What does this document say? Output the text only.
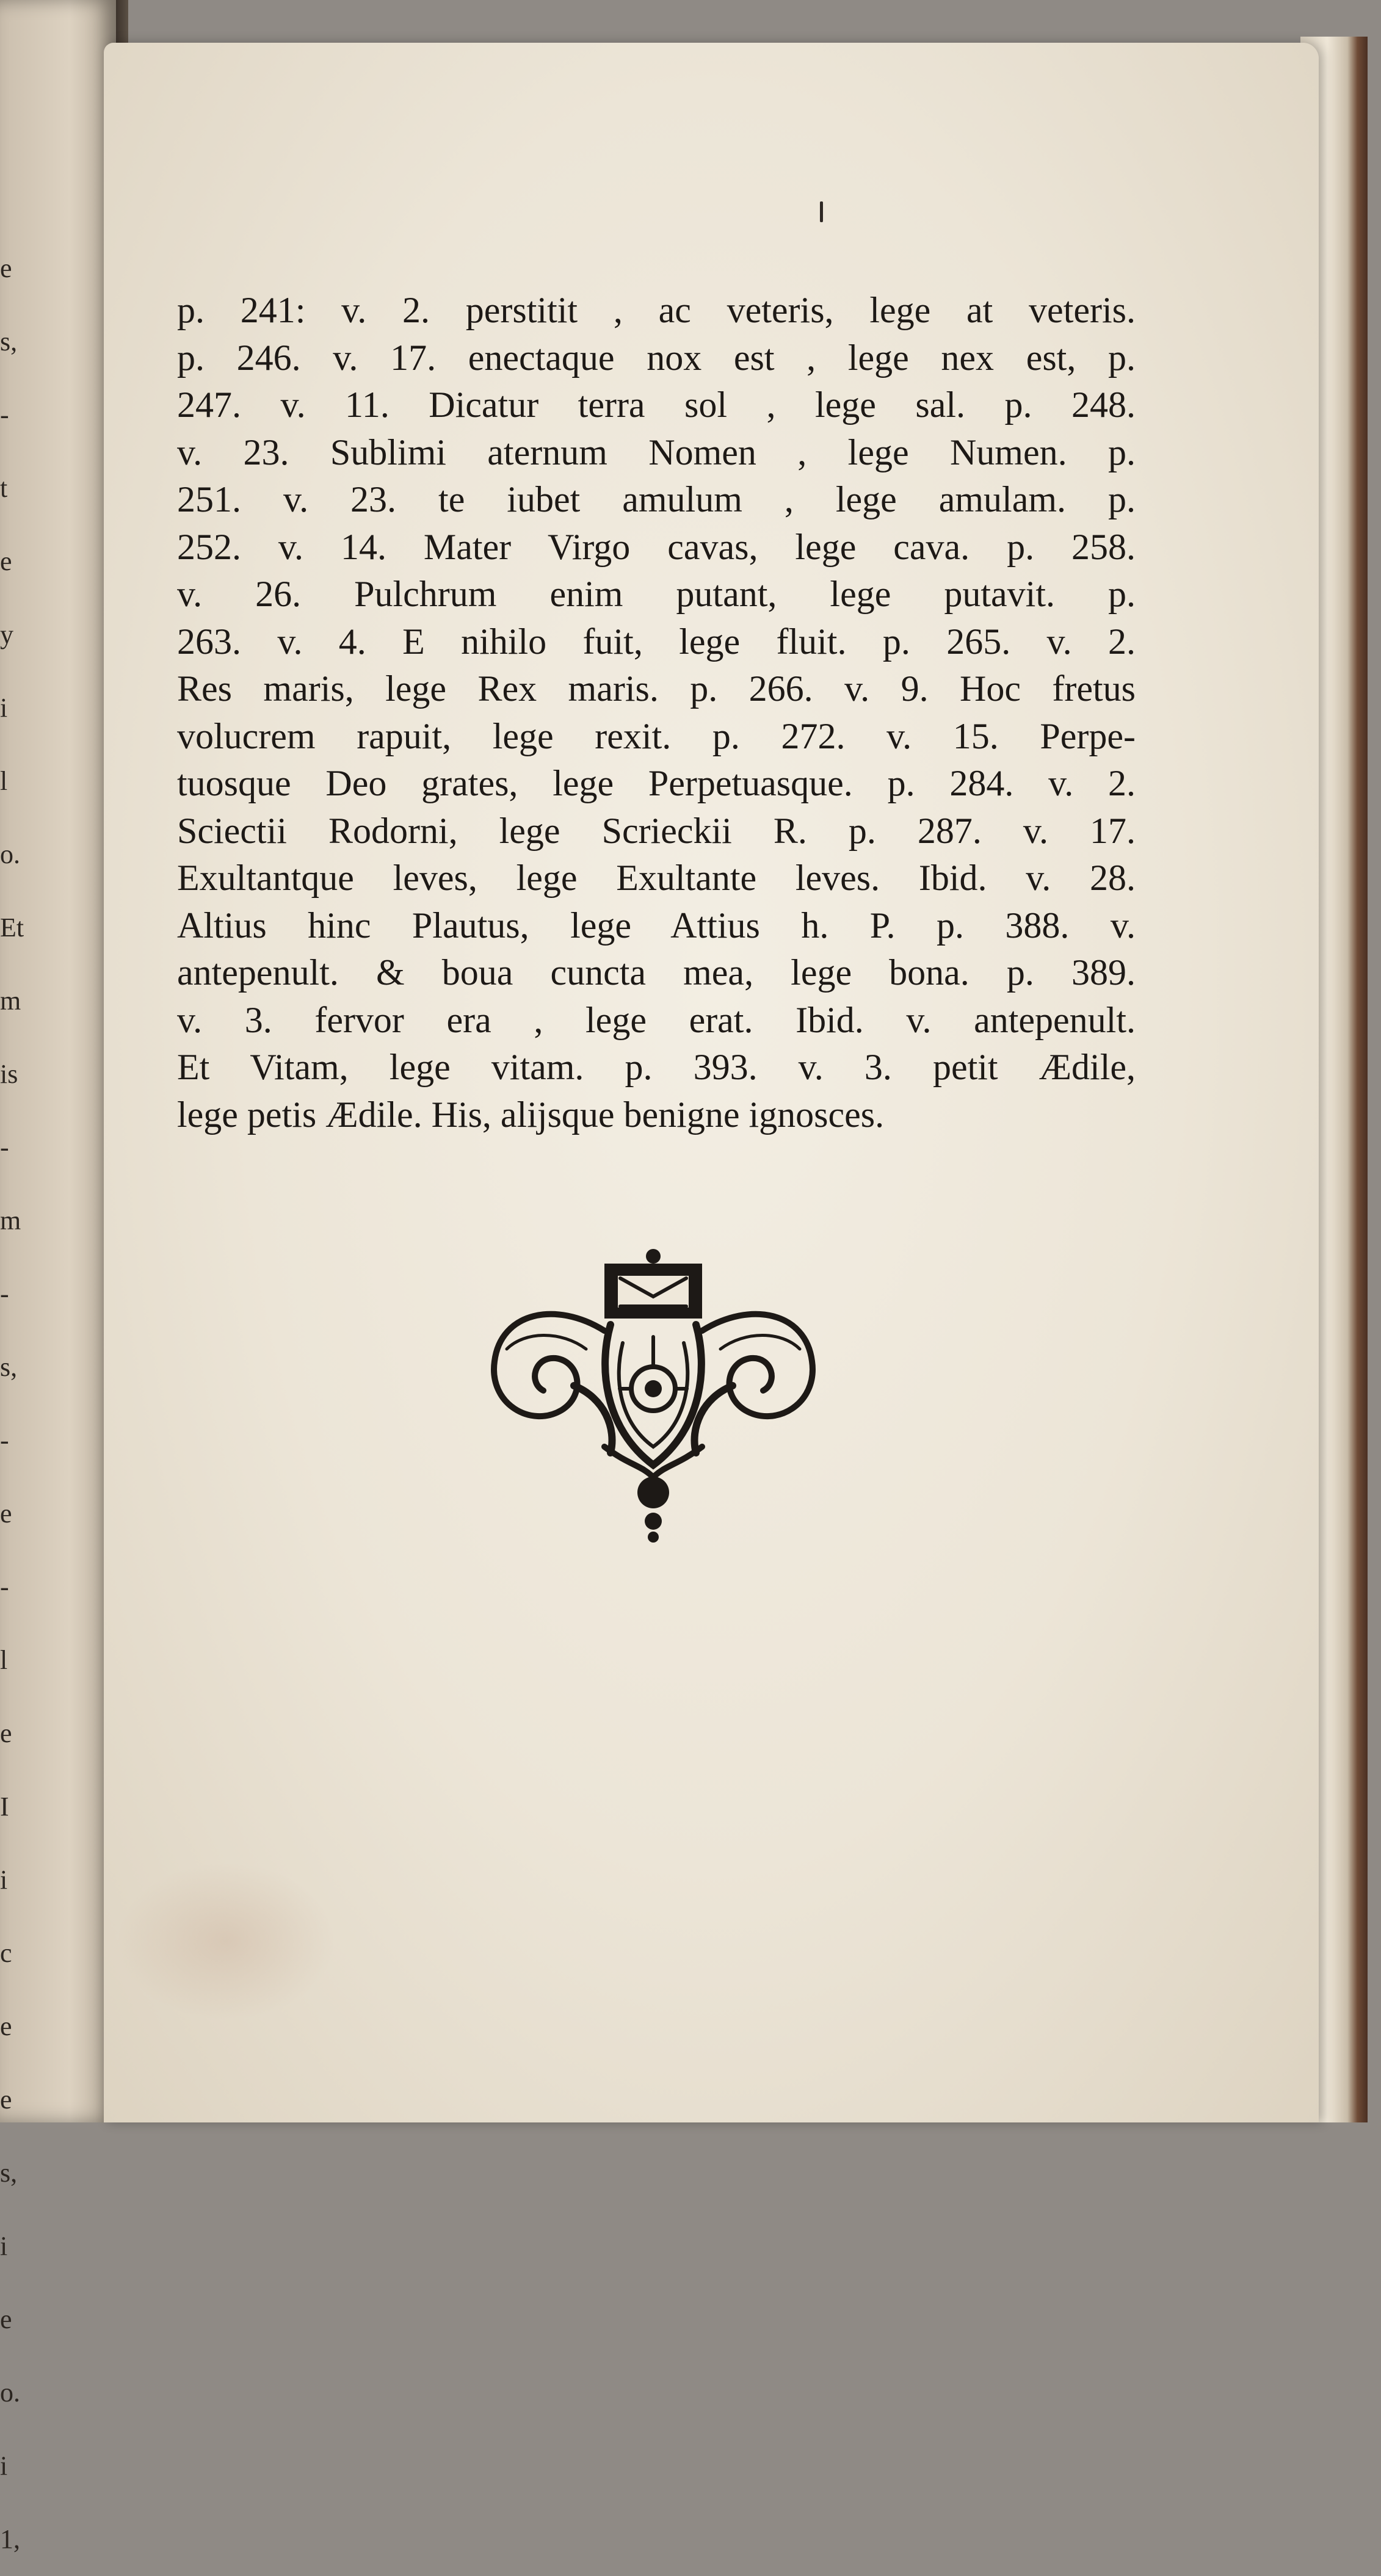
e
s,
-
t
e
y
i
l
o.
Et
m
is
-
m
-
s,
-
e
-
l
e
I
i
c
e
e
s,
i
e
o.
i
1,

p. 241: v. 2. perstitit , ac veteris, lege at veteris.

p. 246. v. 17. enectaque nox est , lege nex est, p.

247. v. 11. Dicatur terra sol , lege sal. p. 248.

v. 23. Sublimi aternum Nomen , lege Numen. p.

251. v. 23. te iubet amulum , lege amulam. p.

252. v. 14. Mater Virgo cavas, lege cava. p. 258.

v. 26. Pulchrum enim putant, lege putavit. p.

263. v. 4. E nihilo fuit, lege fluit. p. 265. v. 2.

Res maris, lege Rex maris. p. 266. v. 9. Hoc fretus

volucrem rapuit, lege rexit. p. 272. v. 15. Perpe-

tuosque Deo grates, lege Perpetuasque. p. 284. v. 2.

Sciectii Rodorni, lege Scrieckii R. p. 287. v. 17.

Exultantque leves, lege Exultante leves. Ibid. v. 28.

Altius hinc Plautus, lege Attius h. P. p. 388. v.

antepenult. & boua cuncta mea, lege bona. p. 389.

v. 3. fervor era , lege erat. Ibid. v. antepenult.

Et Vitam, lege vitam. p. 393. v. 3. petit Ædile,

lege petis Ædile. His, alijsque benigne ignosces.
